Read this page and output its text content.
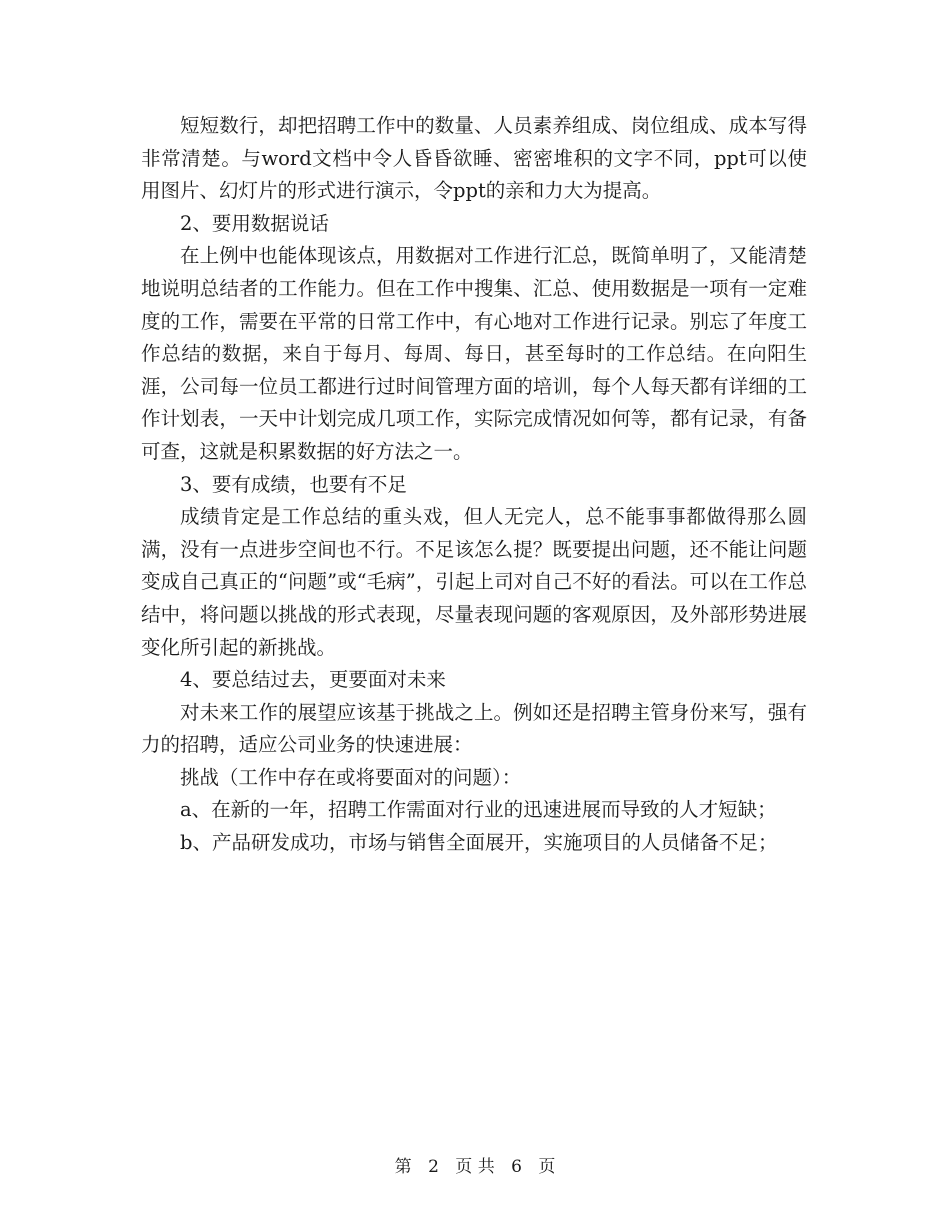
短短数行，却把招聘工作中的数量、人员素养组成、岗位组成、成本写得非常清楚。与word文档中令人昏昏欲睡、密密堆积的文字不同，ppt可以使用图片、幻灯片的形式进行演示，令ppt的亲和力大为提高。

2、要用数据说话

在上例中也能体现该点，用数据对工作进行汇总，既简单明了，又能清楚地说明总结者的工作能力。但在工作中搜集、汇总、使用数据是一项有一定难度的工作，需要在平常的日常工作中，有心地对工作进行记录。别忘了年度工作总结的数据，来自于每月、每周、每日，甚至每时的工作总结。在向阳生涯，公司每一位员工都进行过时间管理方面的培训，每个人每天都有详细的工作计划表，一天中计划完成几项工作，实际完成情况如何等，都有记录，有备可查，这就是积累数据的好方法之一。

3、要有成绩，也要有不足

成绩肯定是工作总结的重头戏，但人无完人，总不能事事都做得那么圆满，没有一点进步空间也不行。不足该怎么提？既要提出问题，还不能让问题变成自己真正的“问题”或“毛病”，引起上司对自己不好的看法。可以在工作总结中，将问题以挑战的形式表现，尽量表现问题的客观原因，及外部形势进展变化所引起的新挑战。

4、要总结过去，更要面对未来

对未来工作的展望应该基于挑战之上。例如还是招聘主管身份来写，强有力的招聘，适应公司业务的快速进展：

挑战（工作中存在或将要面对的问题）：

a、在新的一年，招聘工作需面对行业的迅速进展而导致的人才短缺；

b、产品研发成功，市场与销售全面展开，实施项目的人员储备不足；

第 2 页 共 6 页
